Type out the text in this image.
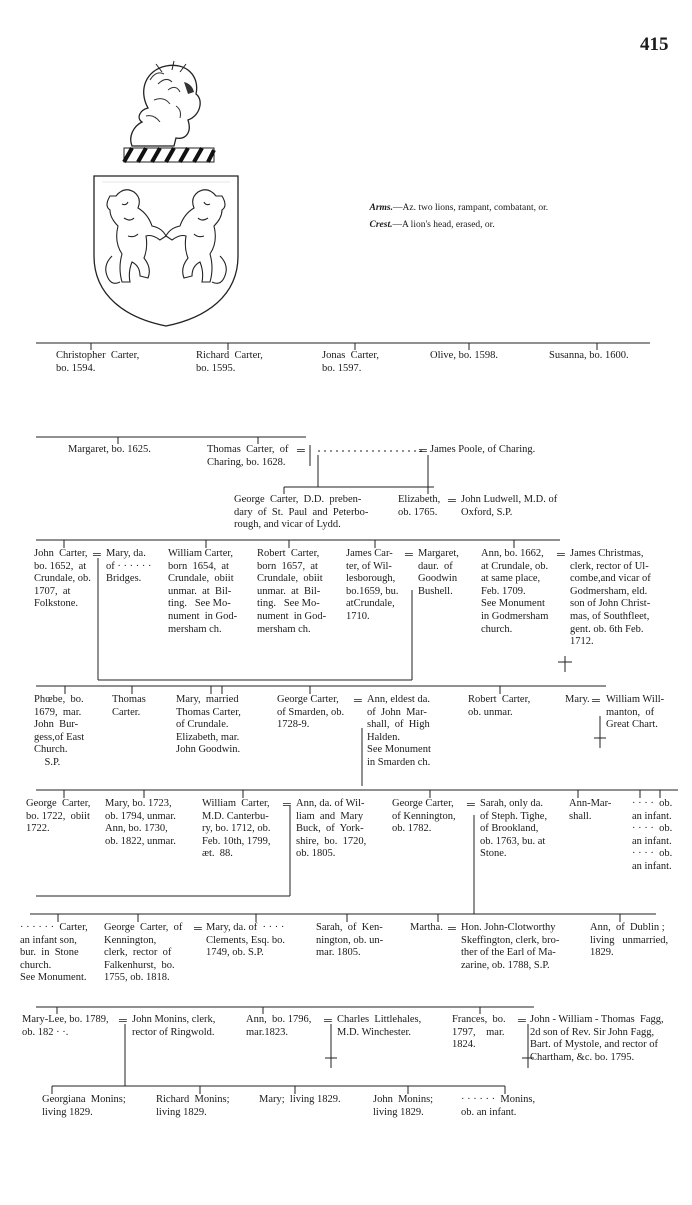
415

Arms.—Az. two lions, rampant, combatant, or.

Crest.—A lion's head, erased, or.

Christopher  Carter,
bo. 1594.
Richard  Carter,
bo. 1595.
Jonas  Carter,
bo. 1597.
Olive, bo. 1598.	Susanna, bo. 1600.
Margaret, bo. 1625.	Thomas  Carter,  of
Charing, bo. 1628.
James Poole, of Charing.
George  Carter,  D.D.  preben-
dary  of  St.  Paul  and  Peterbo-
rough, and vicar of Lydd.
Elizabeth,
ob. 1765.
John Ludwell, M.D. of
Oxford, S.P.
John  Carter,
bo. 1652,  at
Crundale, ob.
1707,  at
Folkstone.
Mary, da.
of · · · · · ·
Bridges.
William Carter,
born  1654,  at
Crundale,  obiit
unmar.  at  Bil-
ting.   See Mo-
nument  in God-
mersham ch.
Robert  Carter,
born  1657,  at
Crundale,  obiit
unmar.  at  Bil-
ting.   See Mo-
nument  in God-
mersham ch.
James Car-
ter, of Wil-
lesborough,
bo.1659, bu.
atCrundale,
1710.
Margaret,
daur.  of
Goodwin
Bushell.
Ann, bo. 1662,
at Crundale, ob.
at same place,
Feb. 1709.
See Monument
in Godmersham
church.
James Christmas,
clerk, rector of Ul-
combe,and vicar of
Godmersham, eld.
son of John Christ-
mas, of Southfleet,
gent. ob. 6th Feb.
1712.
Phœbe,  bo.
1679,  mar.
John  Bur-
gess,of East
Church.
S.P.
Thomas
Carter.
Mary,  married
Thomas Carter,
of Crundale.
Elizabeth, mar.
John Goodwin.
George Carter,
of Smarden, ob.
1728-9.
Ann, eldest da.
of  John  Mar-
shall,  of  High
Halden.
See Monument
in Smarden ch.
Robert  Carter,
ob. unmar.
Mary. William Will-
manton,  of
Great Chart.
George  Carter,
bo. 1722,  obiit
1722.
Mary, bo. 1723,
ob. 1794, unmar.
Ann, bo. 1730,
ob. 1822, unmar.
William  Carter,
M.D. Canterbu-
ry, bo. 1712, ob.
Feb. 10th, 1799,
æt.  88.
Ann, da. of Wil-
liam  and  Mary
Buck,  of  York-
shire,  bo.  1720,
ob. 1805.
George Carter,
of Kennington,
ob. 1782.
Sarah, only da.
of Steph. Tighe,
of Brookland,
ob. 1763, bu. at
Stone.
Ann-Mar-
shall.
· · · ·  ob.
an infant.
· · · ·  ob.
an infant.
· · · ·  ob.
an infant.
· · · · · ·  Carter,
an infant son,
bur.  in  Stone
church.
See Monument.
George  Carter,  of
Kennington,
clerk,  rector  of
Falkenhurst,  bo.
1755, ob. 1818.
Mary, da. of  · · · ·
Clements, Esq. bo.
1749, ob. S.P.
Sarah,  of  Ken-
nington, ob. un-
mar. 1805.
Martha. Hon. John-Clotworthy
Skeffington, clerk, bro-
ther of the Earl of Ma-
zarine, ob. 1788, S.P.
Ann,  of  Dublin ;
living   unmarried,
1829.
Mary-Lee, bo. 1789,
ob. 182 · ·.
John Monins, clerk,
rector of Ringwold.
Ann,  bo. 1796,
mar.1823.
Charles  Littlehales,
M.D. Winchester.
Frances,  bo.
1797,    mar.
1824.
John - William - Thomas  Fagg,
2d son of Rev. Sir John Fagg,
Bart. of Mystole, and rector of
Chartham, &c. bo. 1795.
Georgiana  Monins;
living 1829.
Richard  Monins;
living 1829.
Mary;  living 1829.	John  Monins;
living 1829.
· · · · · ·  Monins,
ob. an infant.
═	═
═
═	═	═
═	═
═	═
═	═
═	═	═
